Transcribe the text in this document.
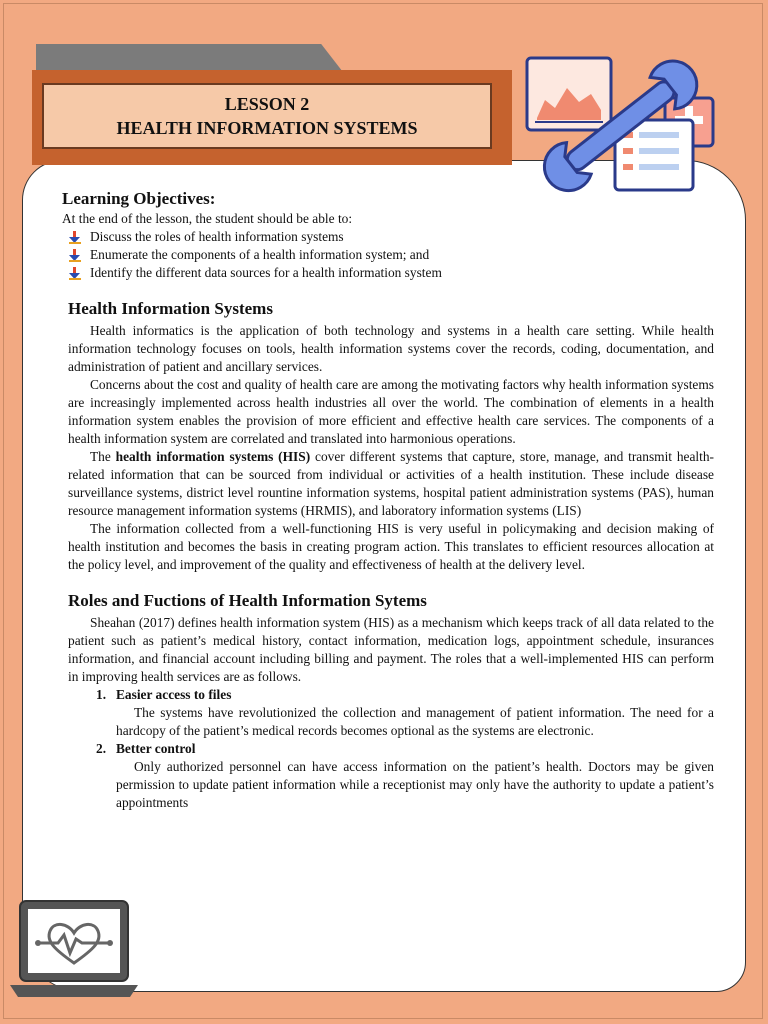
LESSON 2
HEALTH INFORMATION SYSTEMS
Learning Objectives:

At the end of the lesson, the student should be able to:

Discuss the roles of health information systems
Enumerate the components of a health information system; and
Identify the different data sources for a health information system
Health Information Systems

Health informatics is the application of both technology and systems in a health care setting. While health information technology focuses on tools, health information systems cover the records, coding, documentation, and administration of patient and ancillary services.

Concerns about the cost and quality of health care are among the motivating factors why health information systems are increasingly implemented across health industries all over the world. The combination of elements in a health information system enables the provision of more efficient and effective health care services. The components of a health information system are correlated and translated into harmonious operations.

The health information systems (HIS) cover different systems that capture, store, manage, and transmit health-related information that can be sourced from individual or activities of a health institution. These include disease surveillance systems, district level rountine information systems, hospital patient administration systems (PAS), human resource management information systems (HRMIS), and laboratory information systems (LIS)

The information collected from a well-functioning HIS is very useful in policymaking and decision making of health institution and becomes the basis in creating program action. This translates to efficient resources allocation at the policy level, and improvement of the quality and effectiveness of health at the delivery level.

Roles and Fuctions of Health Information Sytems

Sheahan (2017) defines health information system (HIS) as a mechanism which keeps track of all data related to the patient such as patient’s medical history, contact information, medication logs, appointment schedule, insurances information, and financial account including billing and payment. The roles that a well-implemented HIS can perform in improving health services are as follows.

1. Easier access to files
The systems have revolutionized the collection and management of patient information. The need for a hardcopy of the patient’s medical records becomes optional as the systems are electronic.
2. Better control
Only authorized personnel can have access information on the patient’s health. Doctors may be given permission to update patient information while a receptionist may only have the authority to update a patient’s appointments
